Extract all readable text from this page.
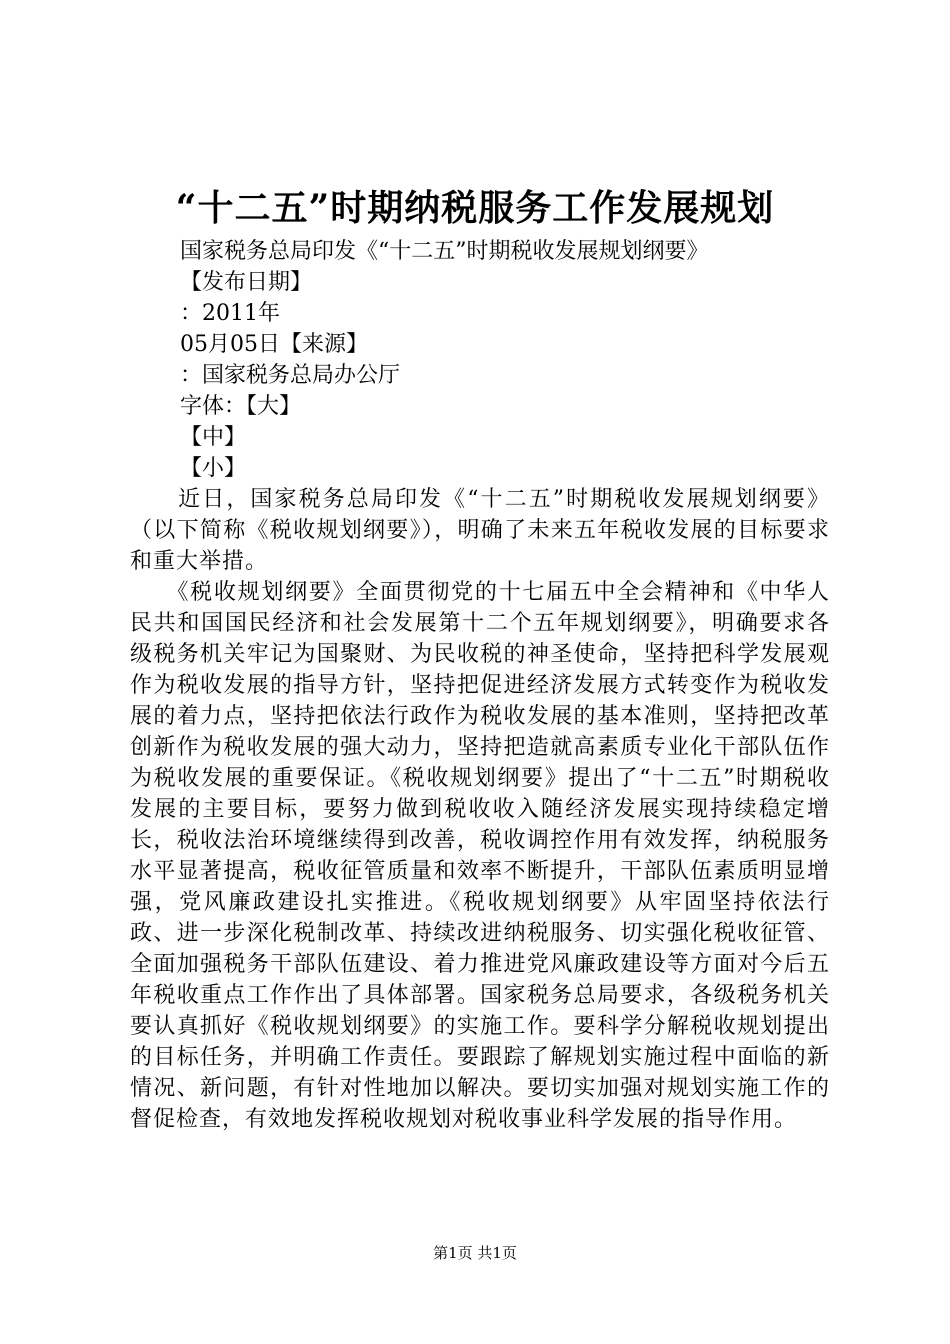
“十二五”时期纳税服务工作发展规划
国家税务总局印发《“十二五”时期税收发展规划纲要》
【发布日期】
：2011年
05月05日【来源】
：国家税务总局办公厅
字体：【大】
【中】
【小】
　　近日，国家税务总局印发《“十二五”时期税收发展规划纲要》（以下简称《税收规划纲要》），明确了未来五年税收发展的目标要求和重大举措。
　　《税收规划纲要》全面贯彻党的十七届五中全会精神和《中华人民共和国国民经济和社会发展第十二个五年规划纲要》，明确要求各级税务机关牢记为国聚财、为民收税的神圣使命，坚持把科学发展观作为税收发展的指导方针，坚持把促进经济发展方式转变作为税收发展的着力点，坚持把依法行政作为税收发展的基本准则，坚持把改革创新作为税收发展的强大动力，坚持把造就高素质专业化干部队伍作为税收发展的重要保证。《税收规划纲要》提出了“十二五”时期税收发展的主要目标，要努力做到税收收入随经济发展实现持续稳定增长，税收法治环境继续得到改善，税收调控作用有效发挥，纳税服务水平显著提高，税收征管质量和效率不断提升，干部队伍素质明显增强，党风廉政建设扎实推进。《税收规划纲要》从牢固坚持依法行政、进一步深化税制改革、持续改进纳税服务、切实强化税收征管、全面加强税务干部队伍建设、着力推进党风廉政建设等方面对今后五年税收重点工作作出了具体部署。国家税务总局要求，各级税务机关要认真抓好《税收规划纲要》的实施工作。要科学分解税收规划提出的目标任务，并明确工作责任。要跟踪了解规划实施过程中面临的新情况、新问题，有针对性地加以解决。要切实加强对规划实施工作的督促检查，有效地发挥税收规划对税收事业科学发展的指导作用。
第1页 共1页
